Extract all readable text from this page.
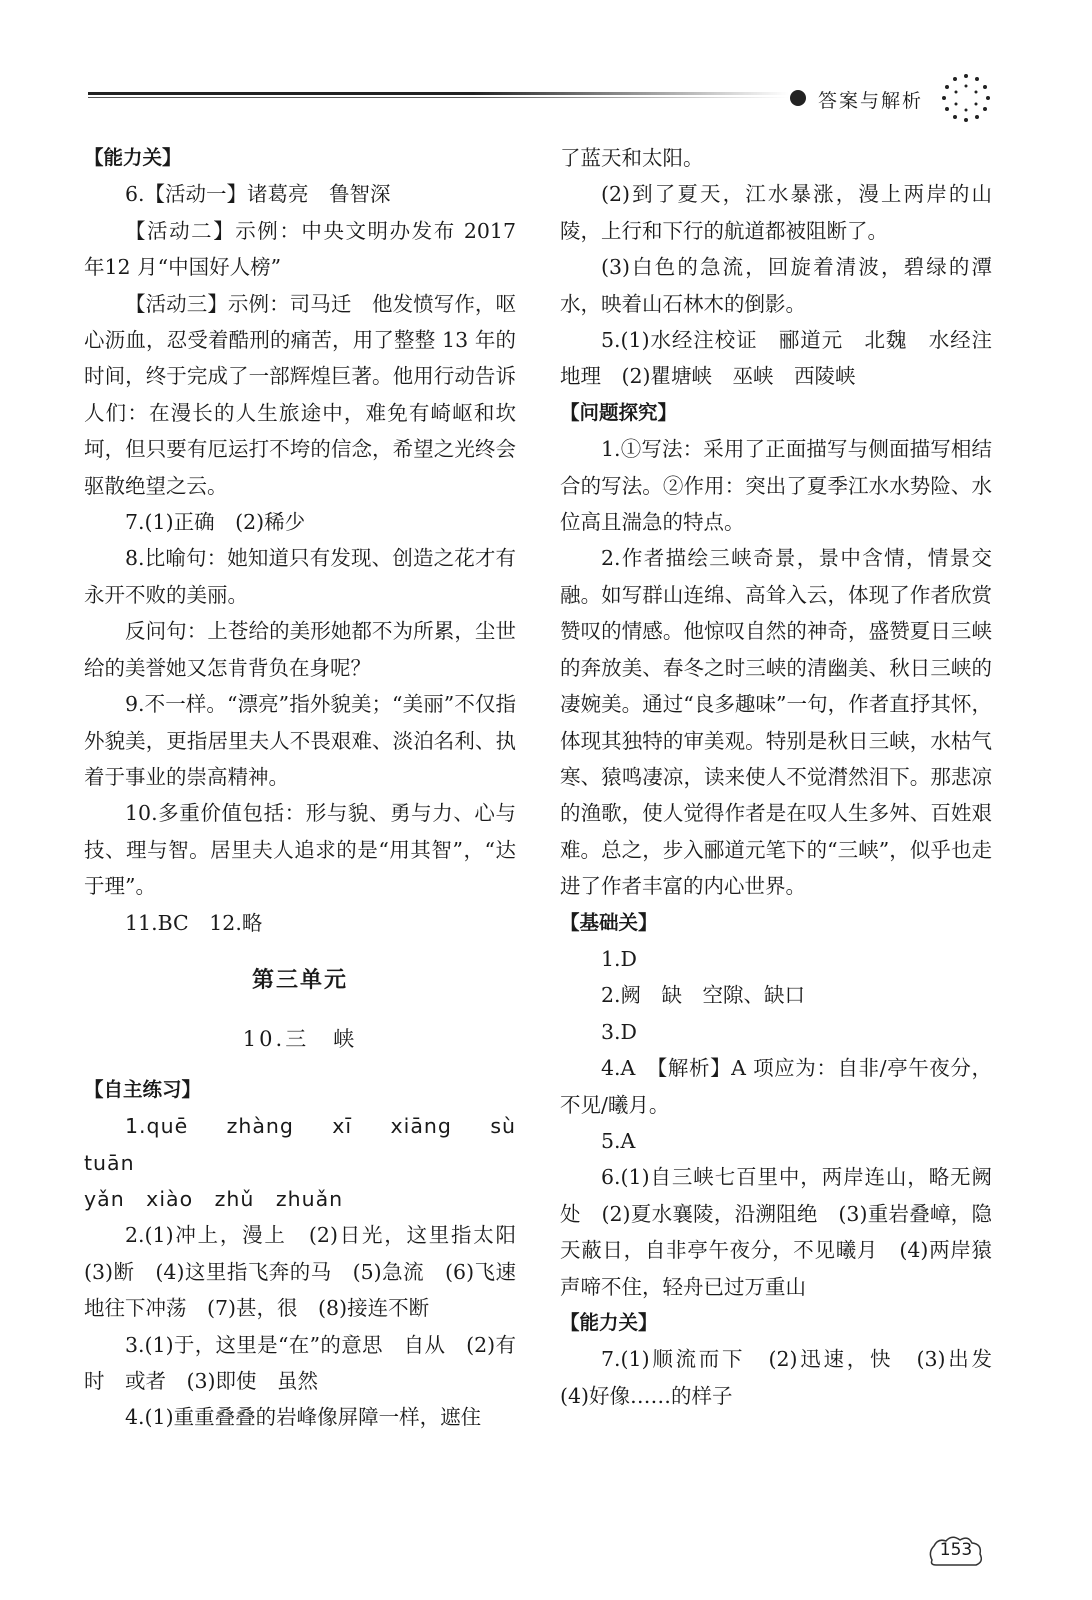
答案与解析

【能力关】

6.【活动一】诸葛亮　鲁智深

【活动二】示例：中央文明办发布 2017 年12 月“中国好人榜”

【活动三】示例：司马迁　他发愤写作，呕心沥血，忍受着酷刑的痛苦，用了整整 13 年的时间，终于完成了一部辉煌巨著。他用行动告诉人们：在漫长的人生旅途中，难免有崎岖和坎坷，但只要有厄运打不垮的信念，希望之光终会驱散绝望之云。

7.(1)正确　(2)稀少

8.比喻句：她知道只有发现、创造之花才有永开不败的美丽。

反问句：上苍给的美形她都不为所累，尘世给的美誉她又怎肯背负在身呢？

9.不一样。“漂亮”指外貌美；“美丽”不仅指外貌美，更指居里夫人不畏艰难、淡泊名利、执着于事业的崇高精神。

10.多重价值包括：形与貌、勇与力、心与技、理与智。居里夫人追求的是“用其智”，“达于理”。

11.BC　12.略

第三单元
10.三　峡

【自主练习】

1.quē　zhàng　xī　xiāng　sù　tuān

yǎn　xiào　zhǔ　zhuǎn

2.(1)冲上，漫上　(2)日光，这里指太阳　(3)断　(4)这里指飞奔的马　(5)急流　(6)飞速地往下冲荡　(7)甚，很　(8)接连不断

3.(1)于，这里是“在”的意思　自从　(2)有时　或者　(3)即使　虽然

4.(1)重重叠叠的岩峰像屏障一样，遮住

了蓝天和太阳。

(2)到了夏天，江水暴涨，漫上两岸的山陵，上行和下行的航道都被阻断了。

(3)白色的急流，回旋着清波，碧绿的潭水，映着山石林木的倒影。

5.(1)水经注校证　郦道元　北魏　水经注　地理　(2)瞿塘峡　巫峡　西陵峡

【问题探究】

1.①写法：采用了正面描写与侧面描写相结合的写法。②作用：突出了夏季江水水势险、水位高且湍急的特点。

2.作者描绘三峡奇景，景中含情，情景交融。如写群山连绵、高耸入云，体现了作者欣赏赞叹的情感。他惊叹自然的神奇，盛赞夏日三峡的奔放美、春冬之时三峡的清幽美、秋日三峡的凄婉美。通过“良多趣味”一句，作者直抒其怀，体现其独特的审美观。特别是秋日三峡，水枯气寒、猿鸣凄凉，读来使人不觉潸然泪下。那悲凉的渔歌，使人觉得作者是在叹人生多舛、百姓艰难。总之，步入郦道元笔下的“三峡”，似乎也走进了作者丰富的内心世界。

【基础关】

1.D

2.阙　缺　空隙、缺口

3.D

4.A　【解析】A 项应为：自非/亭午夜分，不见/曦月。

5.A

6.(1)自三峡七百里中，两岸连山，略无阙处　(2)夏水襄陵，沿溯阻绝　(3)重岩叠嶂，隐天蔽日，自非亭午夜分，不见曦月　(4)两岸猿声啼不住，轻舟已过万重山

【能力关】

7.(1)顺流而下　(2)迅速，快　(3)出发　(4)好像……的样子

153
